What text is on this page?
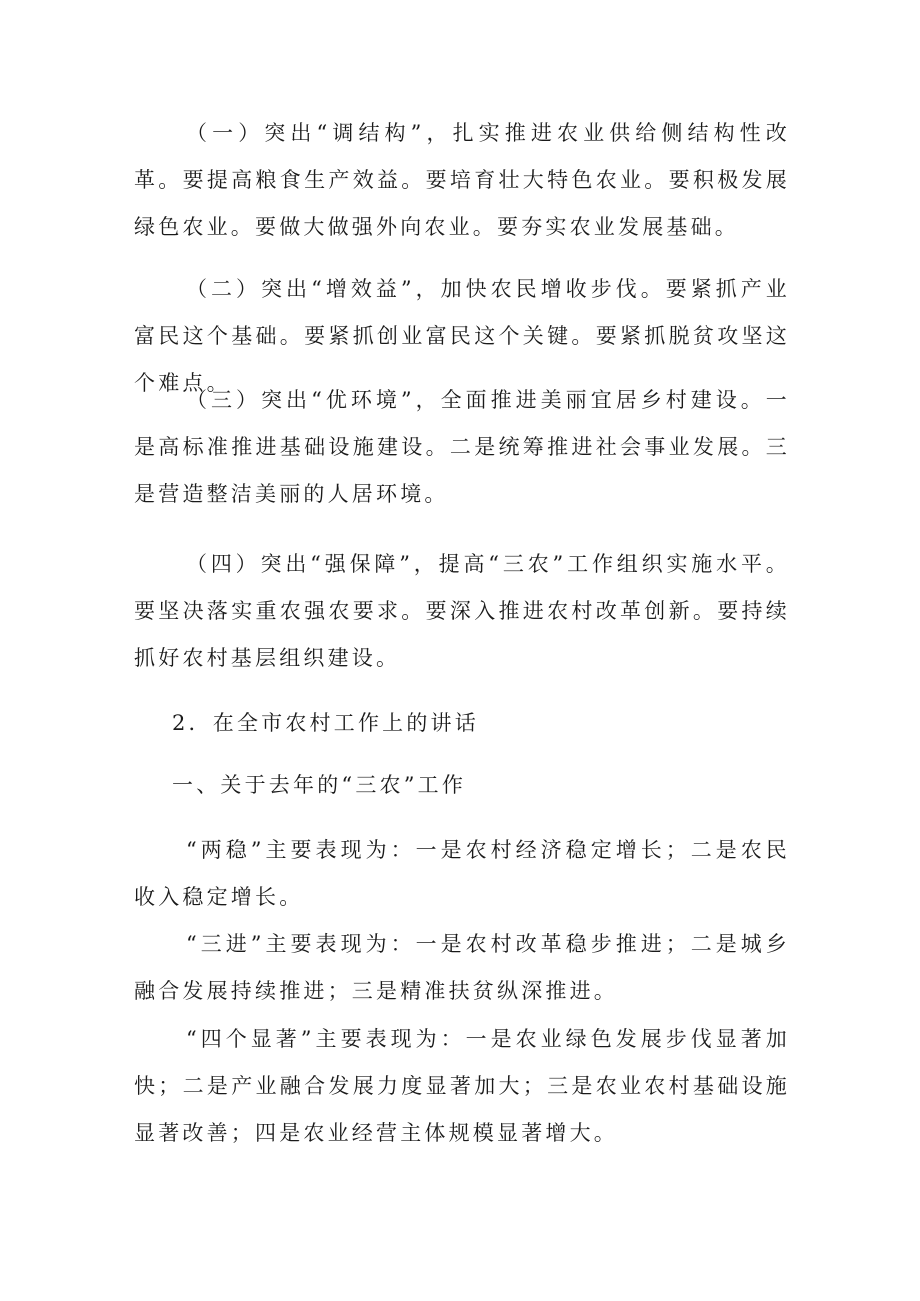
（一）突出“调结构”，扎实推进农业供给侧结构性改革。要提高粮食生产效益。要培育壮大特色农业。要积极发展绿色农业。要做大做强外向农业。要夯实农业发展基础。

（二）突出“增效益”，加快农民增收步伐。要紧抓产业富民这个基础。要紧抓创业富民这个关键。要紧抓脱贫攻坚这个难点。

（三）突出“优环境”，全面推进美丽宜居乡村建设。一是高标准推进基础设施建设。二是统筹推进社会事业发展。三是营造整洁美丽的人居环境。

（四）突出“强保障”，提高“三农”工作组织实施水平。要坚决落实重农强农要求。要深入推进农村改革创新。要持续抓好农村基层组织建设。

2．在全市农村工作上的讲话

一、关于去年的“三农”工作

“两稳”主要表现为：一是农村经济稳定增长；二是农民收入稳定增长。

“三进”主要表现为：一是农村改革稳步推进；二是城乡融合发展持续推进；三是精准扶贫纵深推进。

“四个显著”主要表现为：一是农业绿色发展步伐显著加快；二是产业融合发展力度显著加大；三是农业农村基础设施显著改善；四是农业经营主体规模显著增大。
